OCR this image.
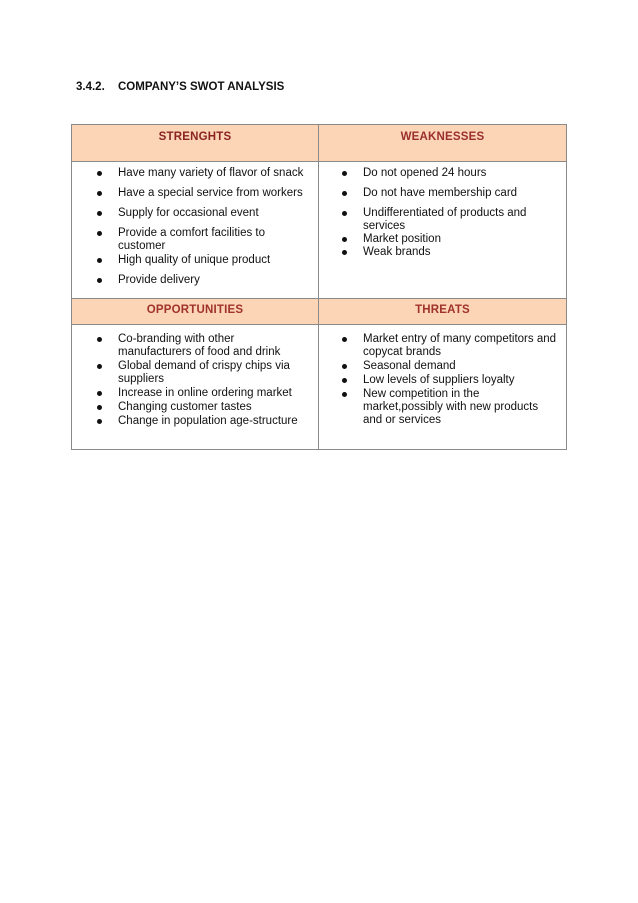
3.4.2. COMPANY’S SWOT ANALYSIS
STRENGHTS	WEAKNESSES
Have many variety of flavor of snack
Have a special service from workers
Supply for occasional event
Provide a comfort facilities to customer
High quality of unique product
Provide delivery
Do not opened 24 hours
Do not have membership card
Undifferentiated of products and services
Market position
Weak brands
OPPORTUNITIES	THREATS
Co-branding with other manufacturers of food and drink
Global demand of crispy chips via suppliers
Increase in online ordering market
Changing customer tastes
Change in population age-structure
Market entry of many competitors and copycat brands
Seasonal demand
Low levels of suppliers loyalty
New competition in the market,possibly with new products and or services
